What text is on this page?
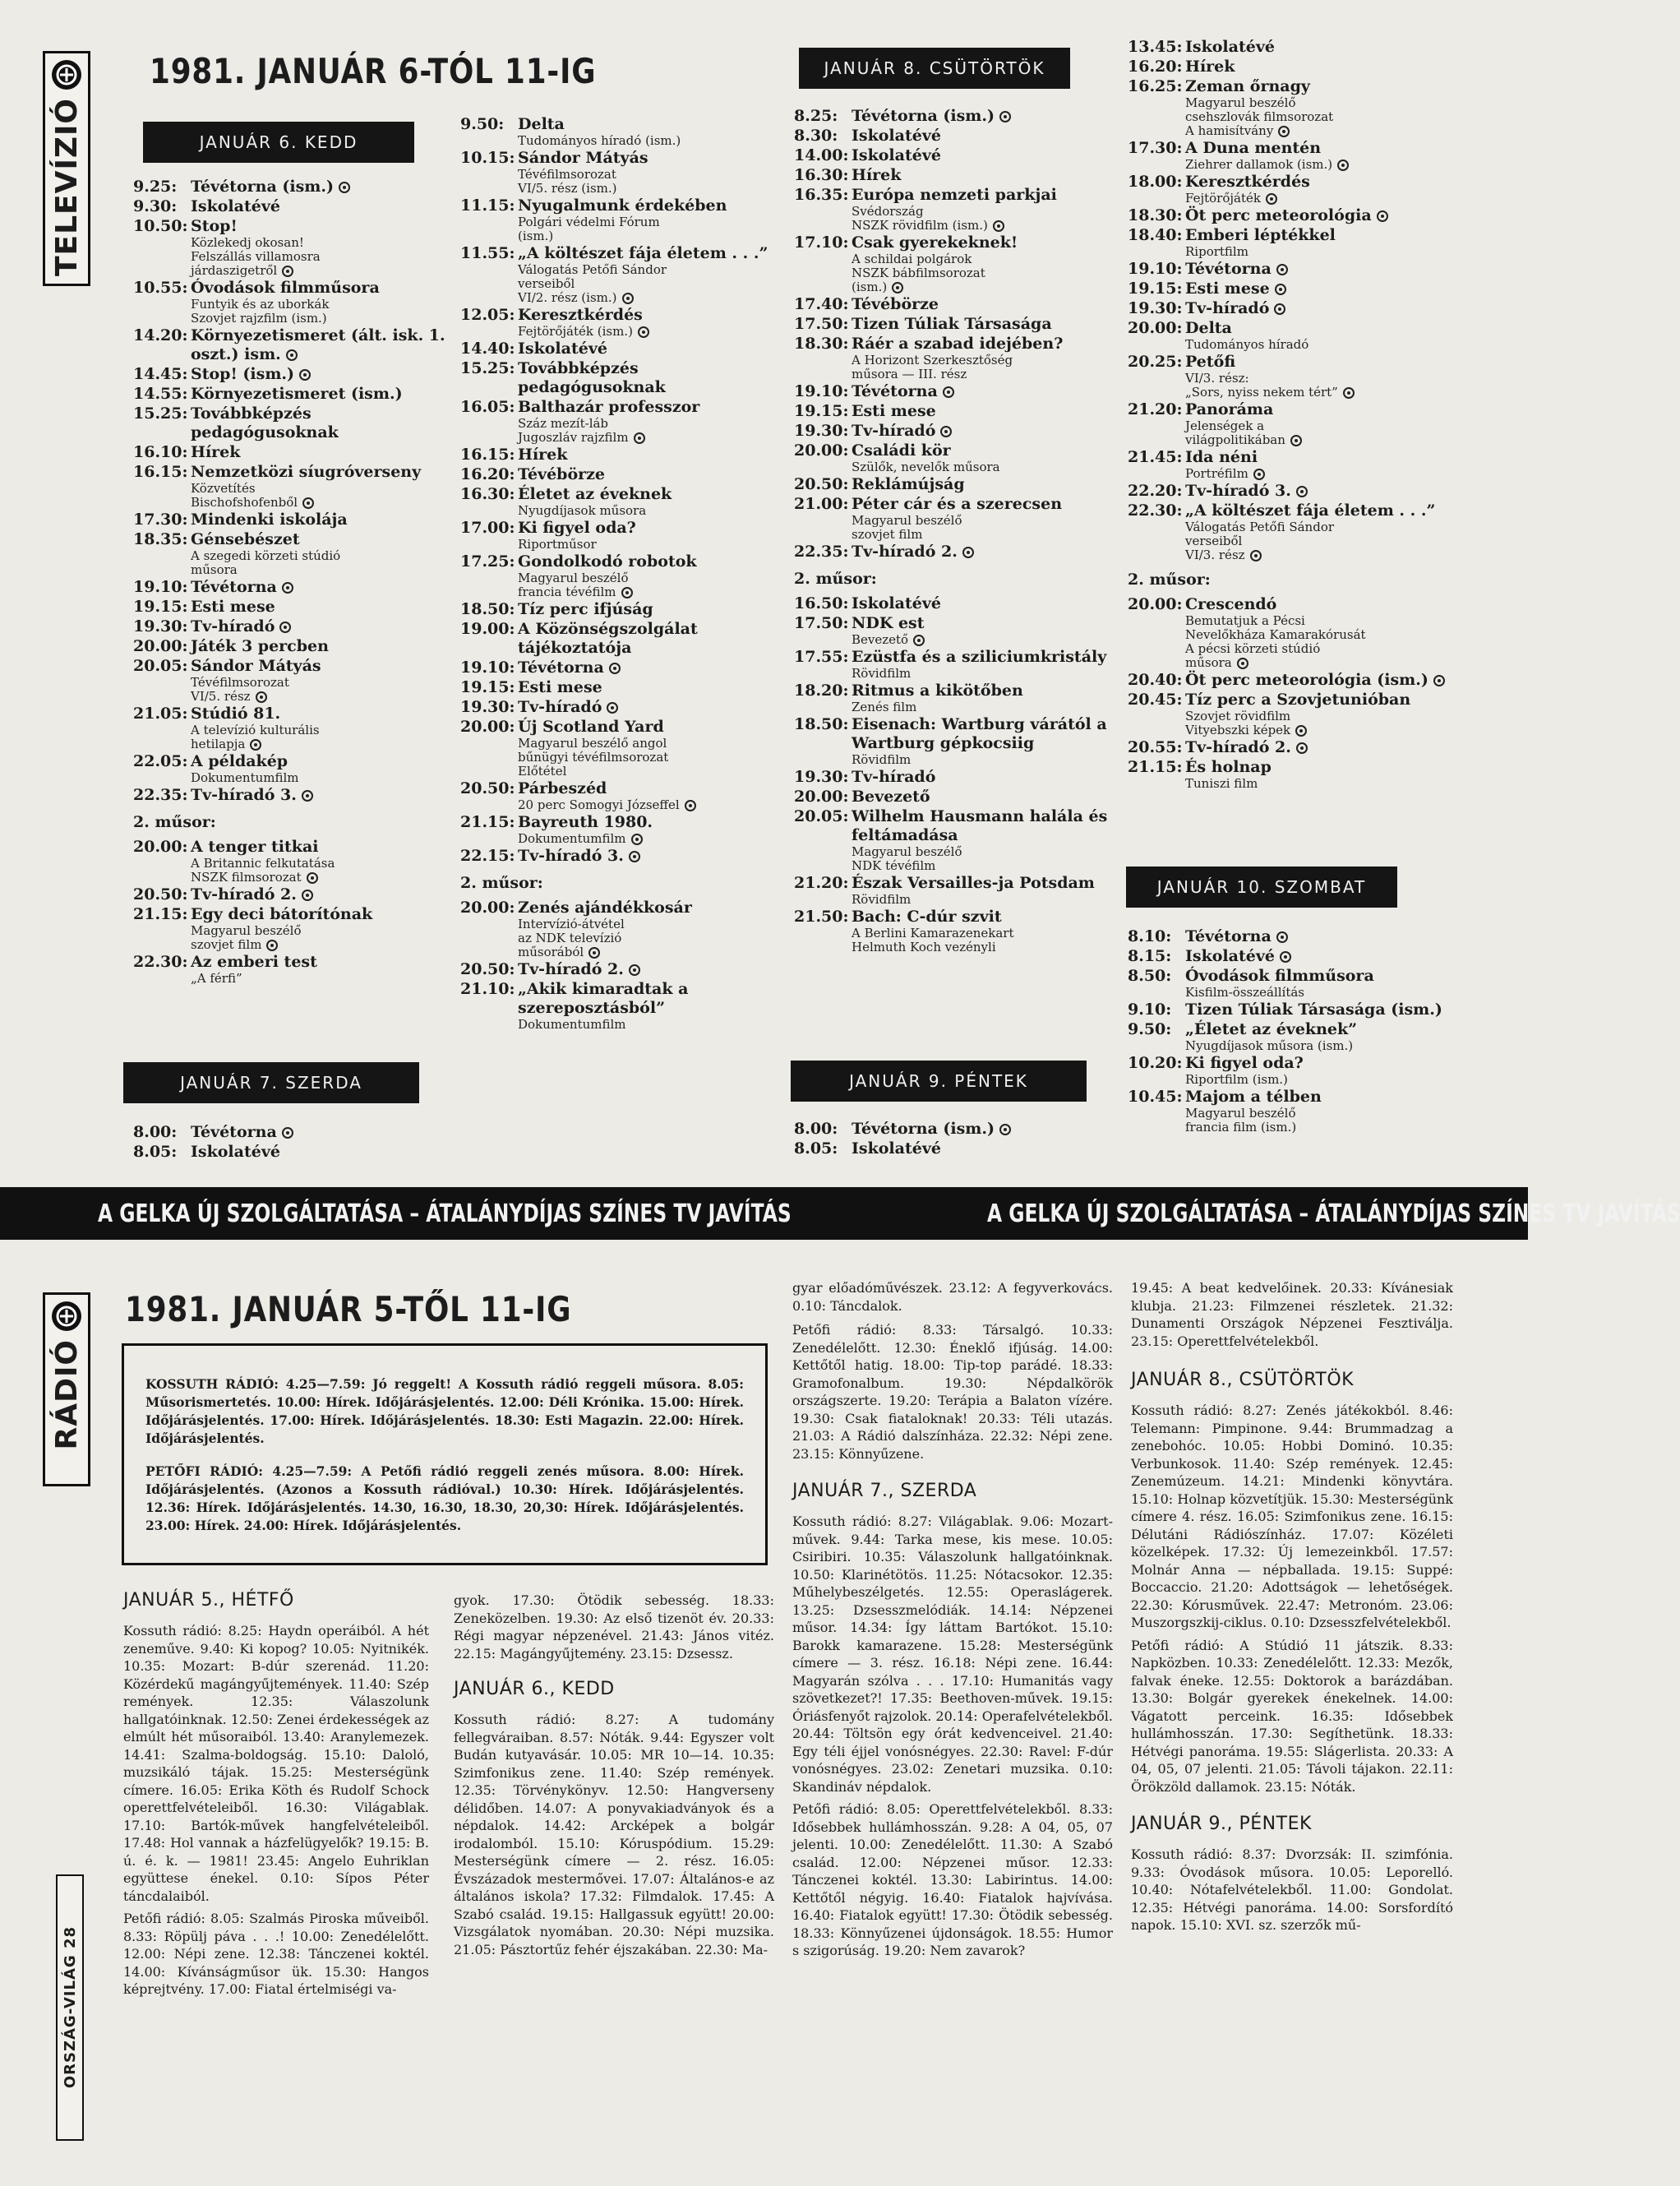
TELEVÍZIÓ
1981. JANUÁR 6-TÓL 11-IG
JANUÁR 6. KEDD
9.25: Tévétorna (ism.)
9.30: Iskolatévé
10.50: Stop!
Közlekedj okosan!
Felszállás villamosra
járdaszigetről
10.55: Óvodások filmműsora
Funtyik és az uborkák
Szovjet rajzfilm (ism.)
14.20: Környezetismeret (ált. isk. 1. oszt.) ism.
14.45: Stop! (ism.)
14.55: Környezetismeret (ism.)
15.25: Továbbképzés pedagógusoknak
16.10: Hírek
16.15: Nemzetközi síugróverseny
Közvetítés
Bischofshofenből
17.30: Mindenki iskolája
18.35: Génsebészet
A szegedi körzeti stúdió
műsora
19.10: Tévétorna
19.15: Esti mese
19.30: Tv-híradó
20.00: Játék 3 percben
20.05: Sándor Mátyás
Tévéfilmsorozat
VI/5. rész
21.05: Stúdió 81.
A televízió kulturális
hetilapja
22.05: A példakép
Dokumentumfilm
22.35: Tv-híradó 3.
2. műsor:
20.00: A tenger titkai
A Britannic felkutatása
NSZK filmsorozat
20.50: Tv-híradó 2.
21.15: Egy deci bátorítónak
Magyarul beszélő
szovjet film
22.30: Az emberi test
„A férfi”
9.50: Delta
Tudományos híradó (ism.)
10.15: Sándor Mátyás
Tévéfilmsorozat
VI/5. rész (ism.)
11.15: Nyugalmunk érdekében
Polgári védelmi Fórum
(ism.)
11.55: „A költészet fája életem . . .”
Válogatás Petőfi Sándor
verseiből
VI/2. rész (ism.)
12.05: Keresztkérdés
Fejtörőjáték (ism.)
14.40: Iskolatévé
15.25: Továbbképzés pedagógusoknak
16.05: Balthazár professzor
Száz mezít-láb
Jugoszláv rajzfilm
16.15: Hírek
16.20: Tévébörze
16.30: Életet az éveknek
Nyugdíjasok műsora
17.00: Ki figyel oda?
Riportműsor
17.25: Gondolkodó robotok
Magyarul beszélő
francia tévéfilm
18.50: Tíz perc ifjúság
19.00: A Közönségszolgálat tájékoztatója
19.10: Tévétorna
19.15: Esti mese
19.30: Tv-híradó
20.00: Új Scotland Yard
Magyarul beszélő angol
bűnügyi tévéfilmsorozat
Előtétel
20.50: Párbeszéd
20 perc Somogyi Józseffel
21.15: Bayreuth 1980.
Dokumentumfilm
22.15: Tv-híradó 3.
2. műsor:
20.00: Zenés ajándékkosár
Intervízió-átvétel
az NDK televízió
műsorából
20.50: Tv-híradó 2.
21.10: „Akik kimaradtak a szereposztásból”
Dokumentumfilm
JANUÁR 7. SZERDA
8.00: Tévétorna
8.05: Iskolatévé
JANUÁR 8. CSÜTÖRTÖK
8.25: Tévétorna (ism.)
8.30: Iskolatévé
14.00: Iskolatévé
16.30: Hírek
16.35: Európa nemzeti parkjai
Svédország
NSZK rövidfilm (ism.)
17.10: Csak gyerekeknek!
A schildai polgárok
NSZK bábfilmsorozat
(ism.)
17.40: Tévébörze
17.50: Tizen Túliak Társasága
18.30: Ráér a szabad idejében?
A Horizont Szerkesztőség
műsora — III. rész
19.10: Tévétorna
19.15: Esti mese
19.30: Tv-híradó
20.00: Családi kör
Szülők, nevelők műsora
20.50: Reklámújság
21.00: Péter cár és a szerecsen
Magyarul beszélő
szovjet film
22.35: Tv-híradó 2.
2. műsor:
16.50: Iskolatévé
17.50: NDK est
Bevezető
17.55: Ezüstfa és a sziliciumkristály
Rövidfilm
18.20: Ritmus a kikötőben
Zenés film
18.50: Eisenach: Wartburg várától a Wartburg gépkocsiig
Rövidfilm
19.30: Tv-híradó
20.00: Bevezető
20.05: Wilhelm Hausmann halála és feltámadása
Magyarul beszélő
NDK tévéfilm
21.20: Észak Versailles-ja Potsdam
Rövidfilm
21.50: Bach: C-dúr szvit
A Berlini Kamarazenekart
Helmuth Koch vezényli
JANUÁR 9. PÉNTEK
8.00: Tévétorna (ism.)
8.05: Iskolatévé
13.45: Iskolatévé
16.20: Hírek
16.25: Zeman őrnagy
Magyarul beszélő
csehszlovák filmsorozat
A hamisítvány
17.30: A Duna mentén
Ziehrer dallamok (ism.)
18.00: Keresztkérdés
Fejtörőjáték
18.30: Öt perc meteorológia
18.40: Emberi léptékkel
Riportfilm
19.10: Tévétorna
19.15: Esti mese
19.30: Tv-híradó
20.00: Delta
Tudományos híradó
20.25: Petőfi
VI/3. rész:
„Sors, nyiss nekem tért”
21.20: Panoráma
Jelenségek a
világpolitikában
21.45: Ida néni
Portréfilm
22.20: Tv-híradó 3.
22.30: „A költészet fája életem . . .”
Válogatás Petőfi Sándor
verseiből
VI/3. rész
2. műsor:
20.00: Crescendó
Bemutatjuk a Pécsi
Nevelőkháza Kamarakórusát
A pécsi körzeti stúdió
műsora
20.40: Öt perc meteorológia (ism.)
20.45: Tíz perc a Szovjetunióban
Szovjet rövidfilm
Vityebszki képek
20.55: Tv-híradó 2.
21.15: És holnap
Tuniszi film
JANUÁR 10. SZOMBAT
8.10: Tévétorna
8.15: Iskolatévé
8.50: Óvodások filmműsora
Kisfilm-összeállítás
9.10: Tizen Túliak Társasága (ism.)
9.50: „Életet az éveknek”
Nyugdíjasok műsora (ism.)
10.20: Ki figyel oda?
Riportfilm (ism.)
10.45: Majom a télben
Magyarul beszélő
francia film (ism.)
A GELKA ÚJ SZOLGÁLTATÁSA – ÁTALÁNYDÍJAS SZÍNES TV JAVÍTÁS	A GELKA ÚJ SZOLGÁLTATÁSA – ÁTALÁNYDÍJAS SZÍNES TV JAVÍTÁS
RÁDIÓ
1981. JANUÁR 5-TŐL 11-IG

KOSSUTH RÁDIÓ: 4.25—7.59: Jó reggelt! A Kossuth rádió reggeli műsora. 8.05: Műsorismertetés. 10.00: Hírek. Időjárásjelentés. 12.00: Déli Krónika. 15.00: Hírek. Időjárásjelentés. 17.00: Hírek. Időjárásjelentés. 18.30: Esti Magazin. 22.00: Hírek. Időjárásjelentés.

PETŐFI RÁDIÓ: 4.25—7.59: A Petőfi rádió reggeli zenés műsora. 8.00: Hírek. Időjárásjelentés. (Azonos a Kossuth rádióval.) 10.30: Hírek. Időjárásjelentés. 12.36: Hírek. Időjárásjelentés. 14.30, 16.30, 18.30, 20,30: Hírek. Időjárásjelentés. 23.00: Hírek. 24.00: Hírek. Időjárásjelentés.

JANUÁR 5., HÉTFŐ

Kossuth rádió: 8.25: Haydn operáiból. A hét zeneműve. 9.40: Ki kopog? 10.05: Nyitnikék. 10.35: Mozart: B-dúr szerenád. 11.20: Közérdekű magángyűjtemények. 11.40: Szép remények. 12.35: Válaszolunk hallgatóinknak. 12.50: Zenei érdekességek az elmúlt hét műsoraiból. 13.40: Aranylemezek. 14.41: Szalma-boldogság. 15.10: Daloló, muzsikáló tájak. 15.25: Mesterségünk címere. 16.05: Erika Köth és Rudolf Schock operettfelvételeiből. 16.30: Világablak. 17.10: Bartók-művek hangfelvételeiből. 17.48: Hol vannak a házfelügyelők? 19.15: B. ú. é. k. — 1981! 23.45: Angelo Euhriklan együttese énekel. 0.10: Sípos Péter táncdalaiból.

Petőfi rádió: 8.05: Szalmás Piroska műveiből. 8.33: Röpülj páva . . .! 10.00: Zenedélelőtt. 12.00: Népi zene. 12.38: Tánczenei koktél. 14.00: Kívánságműsor ük. 15.30: Hangos képrejtvény. 17.00: Fiatal értelmiségi va-

gyok. 17.30: Ötödik sebesség. 18.33: Zeneközelben. 19.30: Az első tizenöt év. 20.33: Régi magyar népzenével. 21.43: János vitéz. 22.15: Magángyűjtemény. 23.15: Dzsessz.

JANUÁR 6., KEDD

Kossuth rádió: 8.27: A tudomány fellegváraiban. 8.57: Nóták. 9.44: Egyszer volt Budán kutyavásár. 10.05: MR 10—14. 10.35: Szimfonikus zene. 11.40: Szép remények. 12.35: Törvénykönyv. 12.50: Hangverseny délidőben. 14.07: A ponyvakiadványok és a népdalok. 14.42: Arcképek a bolgár irodalomból. 15.10: Kóruspódium. 15.29: Mesterségünk címere — 2. rész. 16.05: Évszázadok mestermővei. 17.07: Általános-e az általános iskola? 17.32: Filmdalok. 17.45: A Szabó család. 19.15: Hallgassuk együtt! 20.00: Vizsgálatok nyomában. 20.30: Népi muzsika. 21.05: Pásztortűz fehér éjszakában. 22.30: Ma-

gyar előadóművészek. 23.12: A fegyverkovács. 0.10: Táncdalok.

Petőfi rádió: 8.33: Társalgó. 10.33: Zenedélelőtt. 12.30: Éneklő ifjúság. 14.00: Kettőtől hatig. 18.00: Tip-top parádé. 18.33: Gramofonalbum. 19.30: Népdalkörök országszerte. 19.20: Terápia a Balaton vízére. 19.30: Csak fiataloknak! 20.33: Téli utazás. 21.03: A Rádió dalszínháza. 22.32: Népi zene. 23.15: Könnyűzene.

JANUÁR 7., SZERDA

Kossuth rádió: 8.27: Világablak. 9.06: Mozart-művek. 9.44: Tarka mese, kis mese. 10.05: Csiribiri. 10.35: Válaszolunk hallgatóinknak. 10.50: Klarinétötös. 11.25: Nótacsokor. 12.35: Műhelybeszélgetés. 12.55: Operaslágerek. 13.25: Dzsesszmelódiák. 14.14: Népzenei műsor. 14.34: Így láttam Bartókot. 15.10: Barokk kamarazene. 15.28: Mesterségünk címere — 3. rész. 16.18: Népi zene. 16.44: Magyarán szólva . . . 17.10: Humanitás vagy szövetkezet?! 17.35: Beethoven-művek. 19.15: Óriásfenyőt rajzolok. 20.14: Operafelvételekből. 20.44: Töltsön egy órát kedvenceivel. 21.40: Egy téli éjjel vonósnégyes. 22.30: Ravel: F-dúr vonósnégyes. 23.02: Zenetari muzsika. 0.10: Skandináv népdalok.

Petőfi rádió: 8.05: Operettfelvételekből. 8.33: Idősebbek hullámhosszán. 9.28: A 04, 05, 07 jelenti. 10.00: Zenedélelőtt. 11.30: A Szabó család. 12.00: Népzenei műsor. 12.33: Tánczenei koktél. 13.30: Labirintus. 14.00: Kettőtől négyig. 16.40: Fiatalok hajvívása. 16.40: Fiatalok együtt! 17.30: Ötödik sebesség. 18.33: Könnyűzenei újdonságok. 18.55: Humor s szigorúság. 19.20: Nem zavarok?

19.45: A beat kedvelőinek. 20.33: Kívánesiak klubja. 21.23: Filmzenei részletek. 21.32: Dunamenti Országok Népzenei Fesztiválja. 23.15: Operettfelvételekből.

JANUÁR 8., CSÜTÖRTÖK

Kossuth rádió: 8.27: Zenés játékokból. 8.46: Telemann: Pimpinone. 9.44: Brummadzag a zenebohóc. 10.05: Hobbi Dominó. 10.35: Verbunkosok. 11.40: Szép remények. 12.45: Zenemúzeum. 14.21: Mindenki könyvtára. 15.10: Holnap közvetítjük. 15.30: Mesterségünk címere 4. rész. 16.05: Szimfonikus zene. 16.15: Délutáni Rádiószínház. 17.07: Közéleti közelképek. 17.32: Új lemezeinkből. 17.57: Molnár Anna — népballada. 19.15: Suppé: Boccaccio. 21.20: Adottságok — lehetőségek. 22.30: Kórusművek. 22.47: Metronóm. 23.06: Muszorgszkij-ciklus. 0.10: Dzsesszfelvételekből.

Petőfi rádió: A Stúdió 11 játszik. 8.33: Napközben. 10.33: Zenedélelőtt. 12.33: Mezők, falvak éneke. 12.55: Doktorok a barázdában. 13.30: Bolgár gyerekek énekelnek. 14.00: Vágatott perceink. 16.35: Idősebbek hullámhosszán. 17.30: Segíthetünk. 18.33: Hétvégi panoráma. 19.55: Slágerlista. 20.33: A 04, 05, 07 jelenti. 21.05: Távoli tájakon. 22.11: Örökzöld dallamok. 23.15: Nóták.

JANUÁR 9., PÉNTEK

Kossuth rádió: 8.37: Dvorzsák: II. szimfónia. 9.33: Óvodások műsora. 10.05: Leporelló. 10.40: Nótafelvételekből. 11.00: Gondolat. 12.35: Hétvégi panoráma. 14.00: Sorsfordító napok. 15.10: XVI. sz. szerzők mű-

ORSZÁG-VILÁG 28
